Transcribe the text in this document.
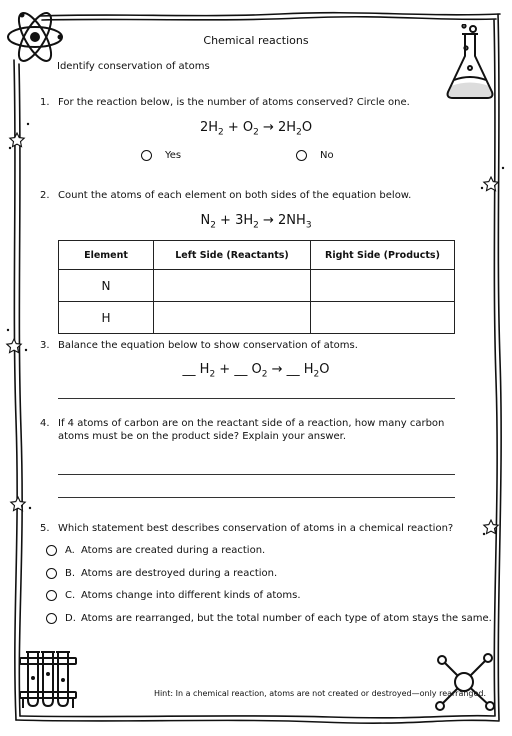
Chemical reactions
Identify conservation of atoms
1. For the reaction below, is the number of atoms conserved? Circle one.
$2H_2 + O_2 \to 2H_2O$
Yes	No
2. Count the atoms of each element on both sides of the equation below.
$N_2 + 3H_2 \to 2NH_3$
Element	Left Side (Reactants)	Right Side (Products)
N		
H		
3. Balance the equation below to show conservation of atoms.
__ $H_2$ + __ $O_2$ → __ $H_2O$
4. If 4 atoms of carbon are on the reactant side of a reaction, how many carbon atoms must be on the product side? Explain your answer.
5. Which statement best describes conservation of atoms in a chemical reaction?
A. Atoms are created during a reaction.
B. Atoms are destroyed during a reaction.
C. Atoms change into different kinds of atoms.
D. Atoms are rearranged, but the total number of each type of atom stays the same.
Hint: In a chemical reaction, atoms are not created or destroyed—only rearranged.
